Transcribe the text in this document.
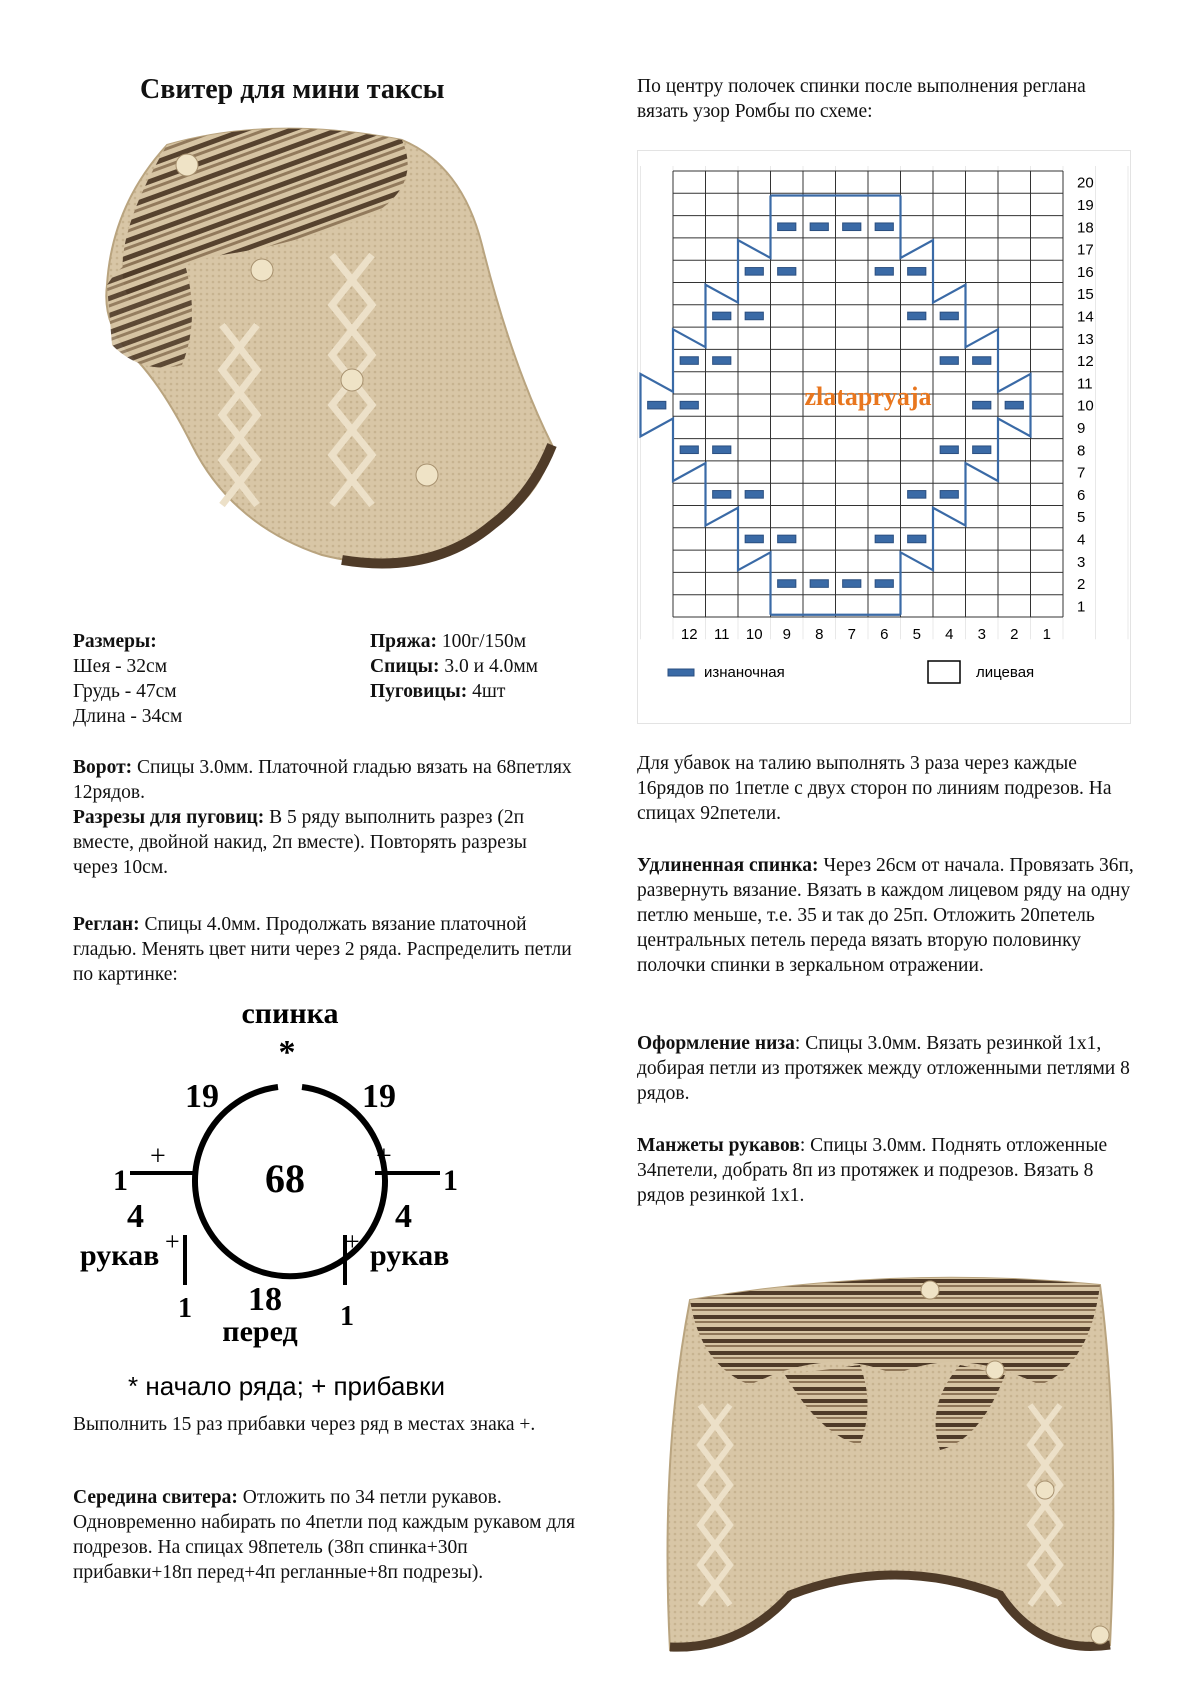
Свитер для мини таксы
Размеры:
Шея - 32см
Грудь - 47см
Длина - 34см
Пряжа: 100г/150м
Спицы: 3.0 и 4.0мм
Пуговицы: 4шт
Ворот: Спицы 3.0мм. Платочной гладью вязать на 68петлях 12рядов.
Разрезы для пуговиц: В 5 ряду выполнить разрез (2п вместе, двойной накид, 2п вместе). Повторять разрезы через 10см.
Реглан: Спицы 4.0мм. Продолжать вязание платочной гладью. Менять цвет нити через 2 ряда. Распределить петли по картинке:
спинка
*
19	19
68
1	1
+	+
4	4
+	+
рукав	рукав
1	1
18
перед
* начало ряда; + прибавки
Выполнить 15 раз прибавки через ряд в местах знака +.
Середина свитера: Отложить по 34 петли рукавов. Одновременно набирать по 4петли под каждым рукавом для подрезов. На спицах 98петель (38п спинка+30п прибавки+18п перед+4п регланные+8п подрезы).
По центру полочек спинки после выполнения реглана вязать узор Ромбы по схеме:
20
19
18
17
16
15
14
13
12
11
10
9
8
7
6
5
4
3
2
1
12 11 10 9 8 7 6 5 4 3 2 1
zlatapryaja
изнаночная	лицевая
Для убавок на талию выполнять 3 раза через каждые 16рядов по 1петле с двух сторон по линиям подрезов. На спицах 92петели.
Удлиненная спинка: Через 26см от начала. Провязать 36п, развернуть вязание. Вязать в каждом лицевом ряду на одну петлю меньше, т.е. 35 и так до 25п. Отложить 20петель центральных петель переда вязать вторую половинку полочки спинки в зеркальном отражении.
Оформление низа: Спицы 3.0мм. Вязать резинкой 1х1, добирая петли из протяжек между отложенными петлями 8 рядов.
Манжеты рукавов: Спицы 3.0мм. Поднять отложенные 34петели, добрать 8п из протяжек и подрезов. Вязать 8 рядов резинкой 1х1.
